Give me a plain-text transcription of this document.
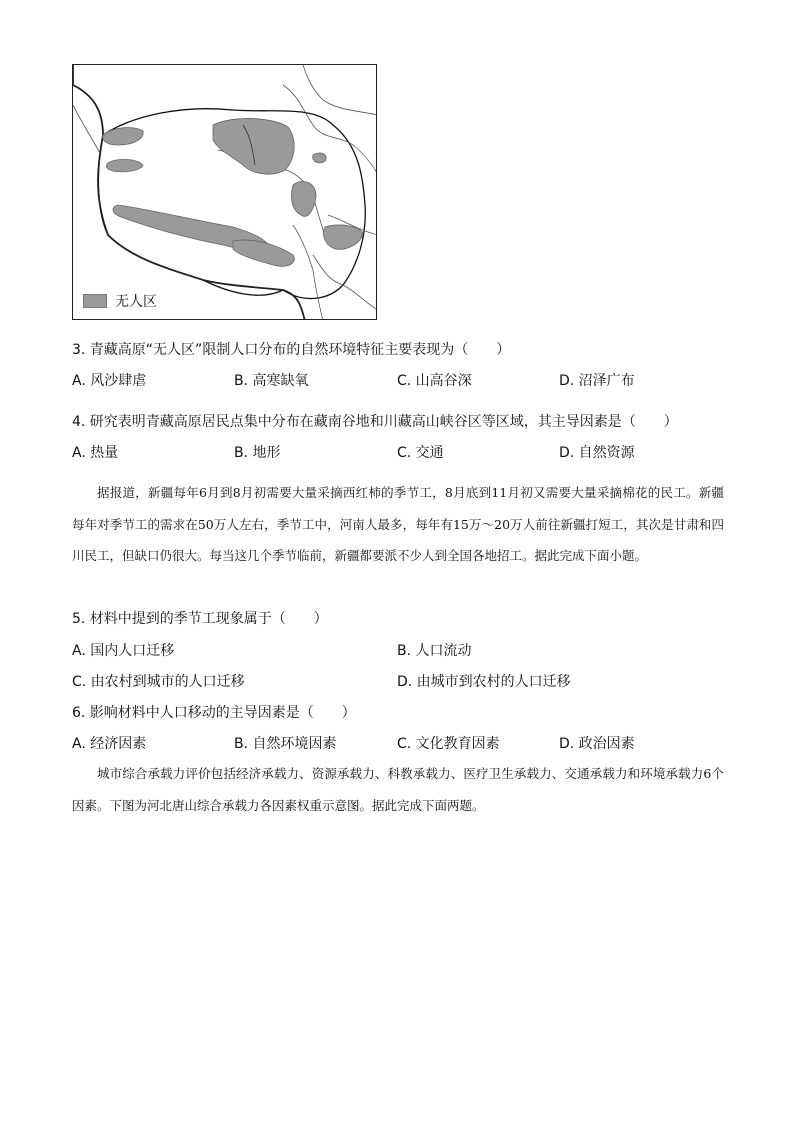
无人区
3. 青藏高原“无人区”限制人口分布的自然环境特征主要表现为（　　）
A. 风沙肆虐	B. 高寒缺氧	C. 山高谷深	D. 沼泽广布
4. 研究表明青藏高原居民点集中分布在藏南谷地和川藏高山峡谷区等区域，其主导因素是（　　）
A. 热量	B. 地形	C. 交通	D. 自然资源

据报道，新疆每年6月到8月初需要大量采摘西红柿的季节工，8月底到11月初又需要大量采摘棉花的民工。新疆每年对季节工的需求在50万人左右，季节工中，河南人最多，每年有15万～20万人前往新疆打短工，其次是甘肃和四川民工，但缺口仍很大。每当这几个季节临前，新疆都要派不少人到全国各地招工。据此完成下面小题。

5. 材料中提到的季节工现象属于（　　）
A. 国内人口迁移	B. 人口流动
C. 由农村到城市的人口迁移	D. 由城市到农村的人口迁移
6. 影响材料中人口移动的主导因素是（　　）
A. 经济因素	B. 自然环境因素	C. 文化教育因素	D. 政治因素

城市综合承载力评价包括经济承载力、资源承载力、科教承载力、医疗卫生承载力、交通承载力和环境承载力6个因素。下图为河北唐山综合承载力各因素权重示意图。据此完成下面两题。
